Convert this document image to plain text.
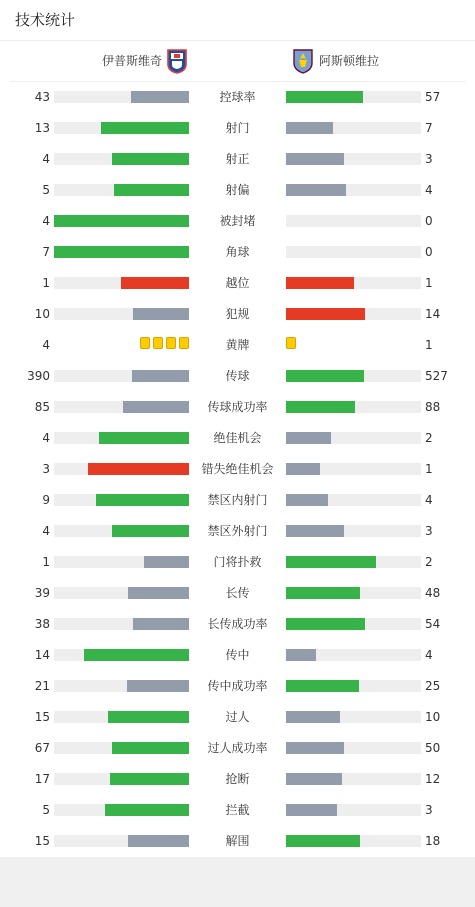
技术统计
伊普斯维奇	阿斯顿维拉
43	控球率	57
13	射门	7
4	射正	3
5	射偏	4
4	被封堵	0
7	角球	0
1	越位	1
10	犯规	14
4	黄牌	1
390	传球	527
85	传球成功率	88
4	绝佳机会	2
3	错失绝佳机会	1
9	禁区内射门	4
4	禁区外射门	3
1	门将扑救	2
39	长传	48
38	长传成功率	54
14	传中	4
21	传中成功率	25
15	过人	10
67	过人成功率	50
17	抢断	12
5	拦截	3
15	解围	18
